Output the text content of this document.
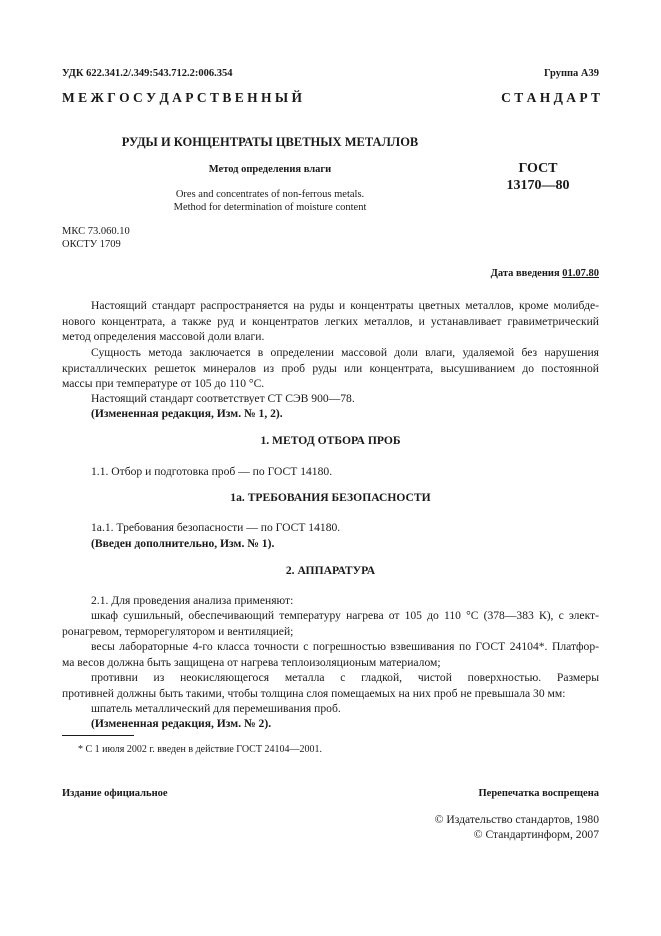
УДК 622.341.2/.349:543.712.2:006.354	Группа А39
М Е Ж Г О С У Д А Р С Т В Е Н Н Ы Й	С Т А Н Д А Р Т
РУДЫ И КОНЦЕНТРАТЫ ЦВЕТНЫХ МЕТАЛЛОВ
Метод определения влаги	ГОСТ
13170—80
Ores and concentrates of non-ferrous metals.
Method for determination of moisture content
МКС 73.060.10
ОКСТУ 1709
Дата введения 01.07.80
Настоящий стандарт распространяется на руды и концентраты цветных металлов, кроме молибде-
нового концентрата, а также руд и концентратов легких металлов, и устанавливает гравиметрический
метод определения массовой доли влаги.
Сущность метода заключается в определении массовой доли влаги, удаляемой без нарушения
кристаллических решеток минералов из проб руды или концентрата, высушиванием до постоянной
массы при температуре от 105 до 110 °С.
Настоящий стандарт соответствует СТ СЭВ 900—78.
(Измененная редакция, Изм. № 1, 2).
1. МЕТОД ОТБОРА ПРОБ
1.1. Отбор и подготовка проб — по ГОСТ 14180.
1а. ТРЕБОВАНИЯ БЕЗОПАСНОСТИ
1а.1. Требования безопасности — по ГОСТ 14180.
(Введен дополнительно, Изм. № 1).
2. АППАРАТУРА
2.1. Для проведения анализа применяют:
шкаф сушильный, обеспечивающий температуру нагрева от 105 до 110 °С (378—383 К), с элект-
ронагревом, терморегулятором и вентиляцией;
весы лабораторные 4-го класса точности с погрешностью взвешивания по ГОСТ 24104*. Платфор-
ма весов должна быть защищена от нагрева теплоизоляционым материалом;
противни из неокисляющегося металла с гладкой, чистой поверхностью. Размеры
противней должны быть такими, чтобы толщина слоя помещаемых на них проб не превышала 30 мм:
шпатель металлический для перемешивания проб.
(Измененная редакция, Изм. № 2).
* С 1 июля 2002 г. введен в действие ГОСТ 24104—2001.
Издание официальное	Перепечатка воспрещена
© Издательство стандартов, 1980
© Стандартинформ, 2007
